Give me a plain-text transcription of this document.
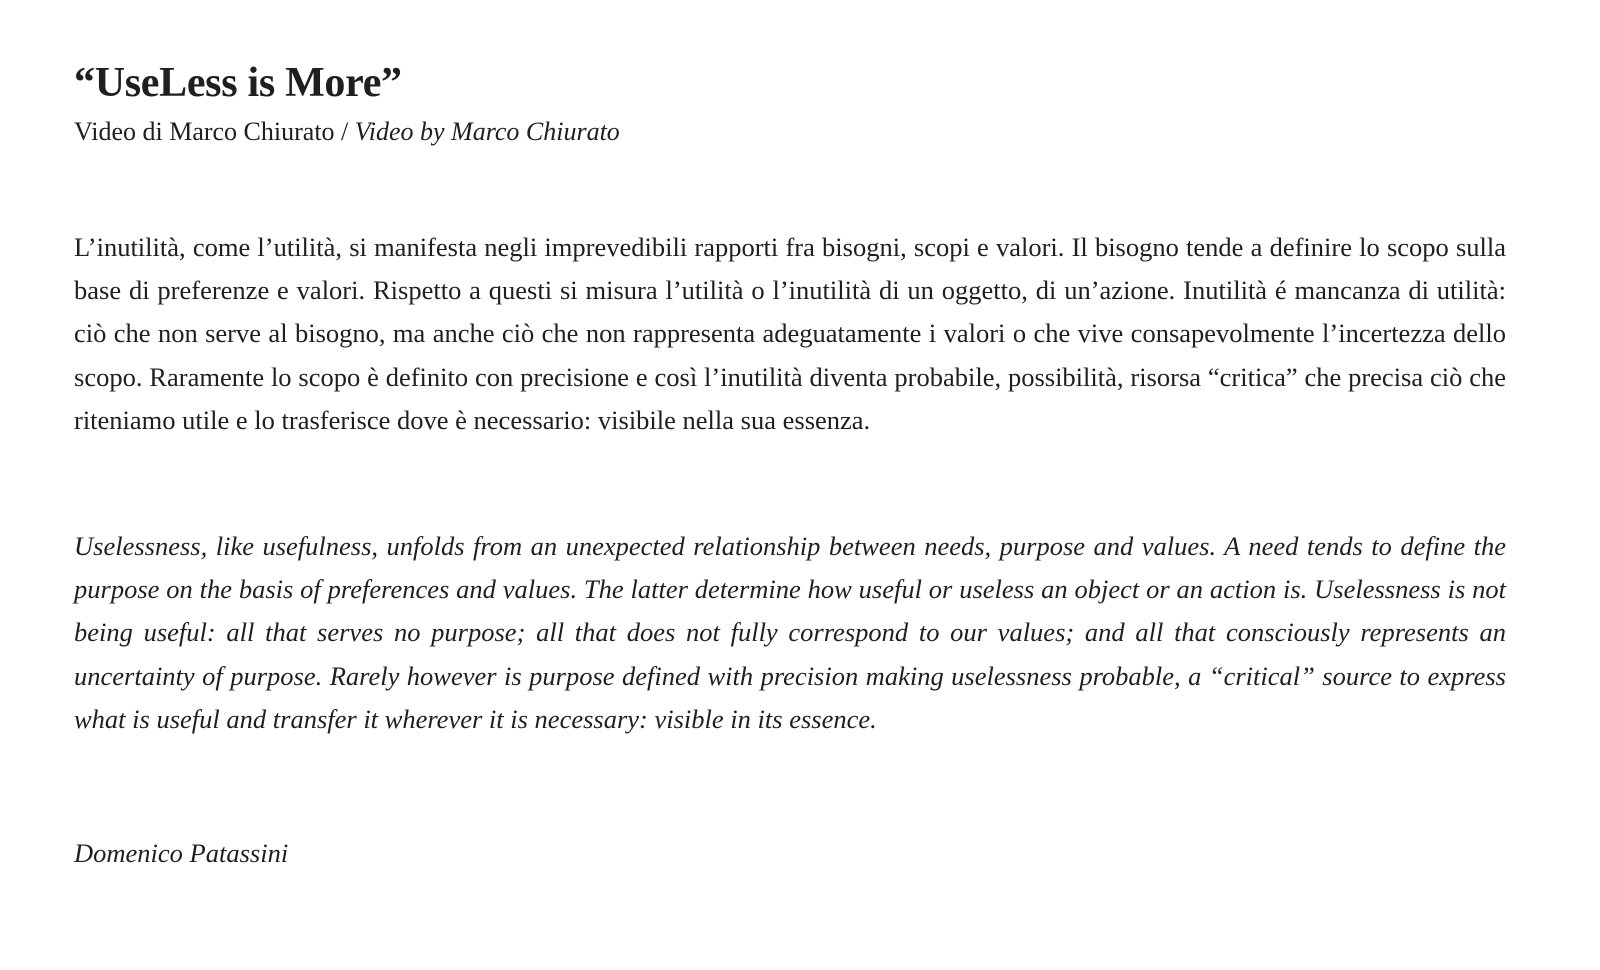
“UseLess is More”

Video di Marco Chiurato / Video by Marco Chiurato

L’inutilità, come l’utilità, si manifesta negli imprevedibili rapporti fra bisogni, scopi e valori. Il bisogno tende a definire lo scopo sulla base di preferenze e valori. Rispetto a questi si misura l’utilità o l’inutilità di un oggetto, di un’azione. Inutilità é mancanza di utilità: ciò che non serve al bisogno, ma anche ciò che non rappresenta adeguatamente i valori o che vive consapevolmente l’incertezza dello scopo. Raramente lo scopo è definito con precisione e così l’inutilità diventa probabile, possibilità, risorsa “critica” che precisa ciò che riteniamo utile e lo trasferisce dove è necessario: visibile nella sua essenza.

Uselessness, like usefulness, unfolds from an unexpected relationship between needs, purpose and values. A need tends to define the purpose on the basis of preferences and values. The latter determine how useful or useless an object or an action is. Uselessness is not being useful: all that serves no purpose; all that does not fully correspond to our values; and all that consciously represents an uncertainty of purpose. Rarely however is purpose defined with precision making uselessness probable, a “critical” source to express what is useful and transfer it wherever it is necessary: visible in its essence.

Domenico Patassini
